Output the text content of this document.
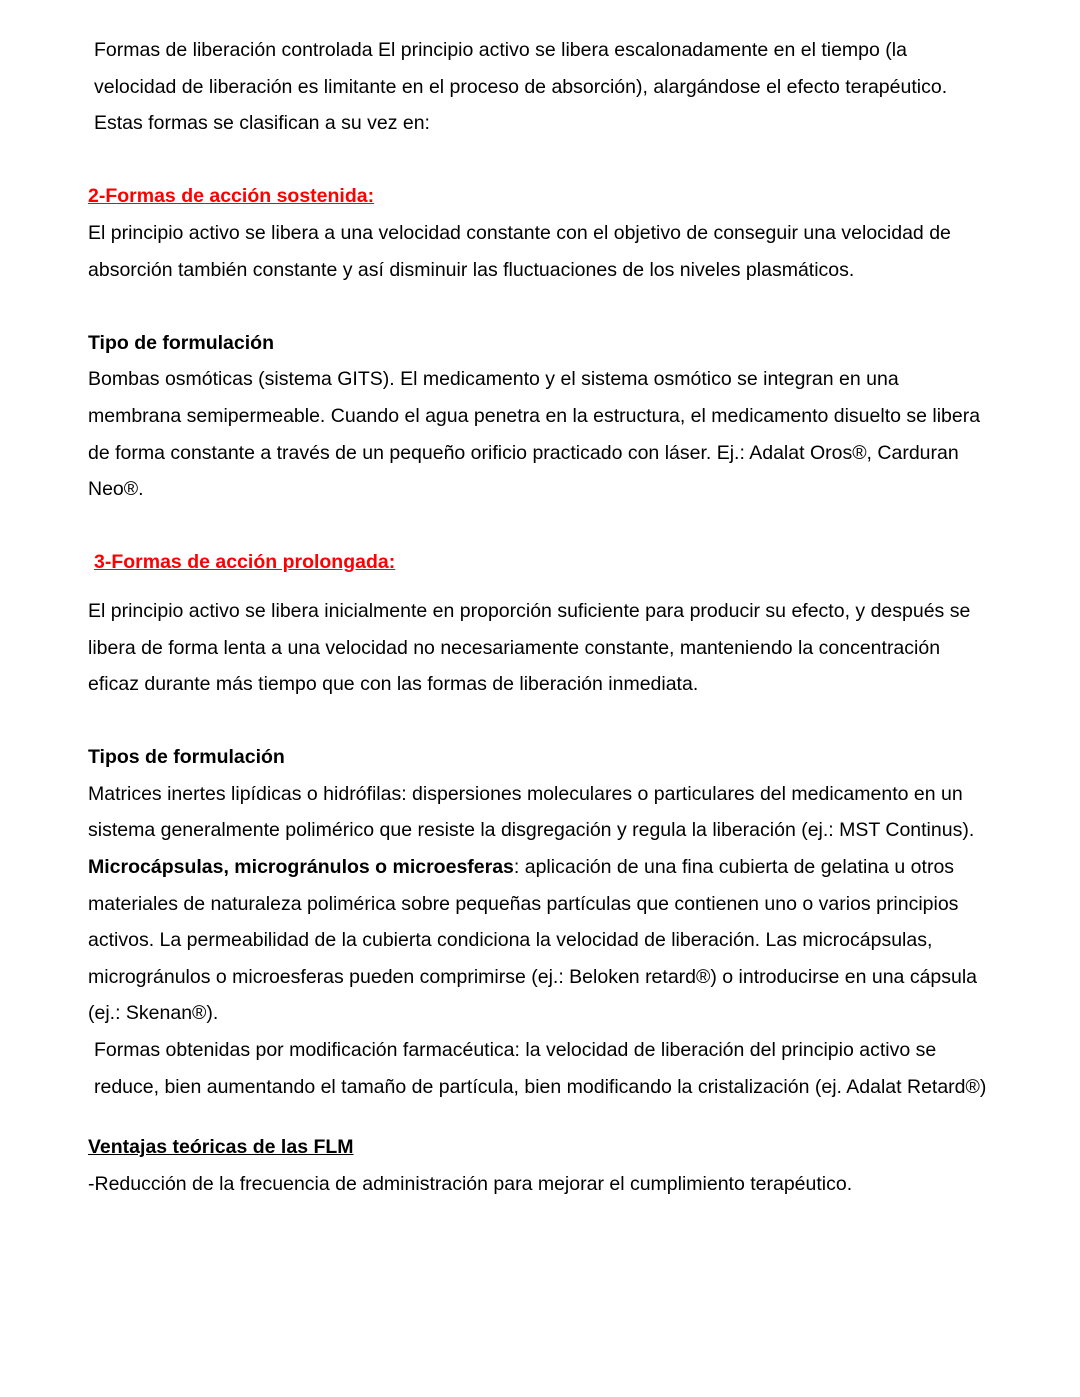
Formas de liberación controlada El principio activo se libera escalonadamente en el tiempo (la velocidad de liberación es limitante en el proceso de absorción), alargándose el efecto terapéutico.

Estas formas se clasifican a su vez en:

2-Formas de acción sostenida:

El principio activo se libera a una velocidad constante con el objetivo de conseguir una velocidad de absorción también constante y así disminuir las fluctuaciones de los niveles plasmáticos.

Tipo de formulación

Bombas osmóticas (sistema GITS). El medicamento y el sistema osmótico se integran en una membrana semipermeable. Cuando el agua penetra en la estructura, el medicamento disuelto se libera de forma constante a través de un pequeño orificio practicado con láser. Ej.: Adalat Oros®, Carduran Neo®.

3-Formas de acción prolongada:

El principio activo se libera inicialmente en proporción suficiente para producir su efecto, y después se libera de forma lenta a una velocidad no necesariamente constante, manteniendo la concentración eficaz durante más tiempo que con las formas de liberación inmediata.

Tipos de formulación

Matrices inertes lipídicas o hidrófilas: dispersiones moleculares o particulares del medicamento en un sistema generalmente polimérico que resiste la disgregación y regula la liberación (ej.: MST Continus).

Microcápsulas, microgránulos o microesferas: aplicación de una fina cubierta de gelatina u otros materiales de naturaleza polimérica sobre pequeñas partículas que contienen uno o varios principios activos. La permeabilidad de la cubierta condiciona la velocidad de liberación. Las microcápsulas, microgránulos o microesferas pueden comprimirse (ej.: Beloken retard®) o introducirse en una cápsula (ej.: Skenan®).

Formas obtenidas por modificación farmacéutica: la velocidad de liberación del principio activo se reduce, bien aumentando el tamaño de partícula, bien modificando la cristalización (ej. Adalat Retard®)

Ventajas teóricas de las FLM

-Reducción de la frecuencia de administración para mejorar el cumplimiento terapéutico.
